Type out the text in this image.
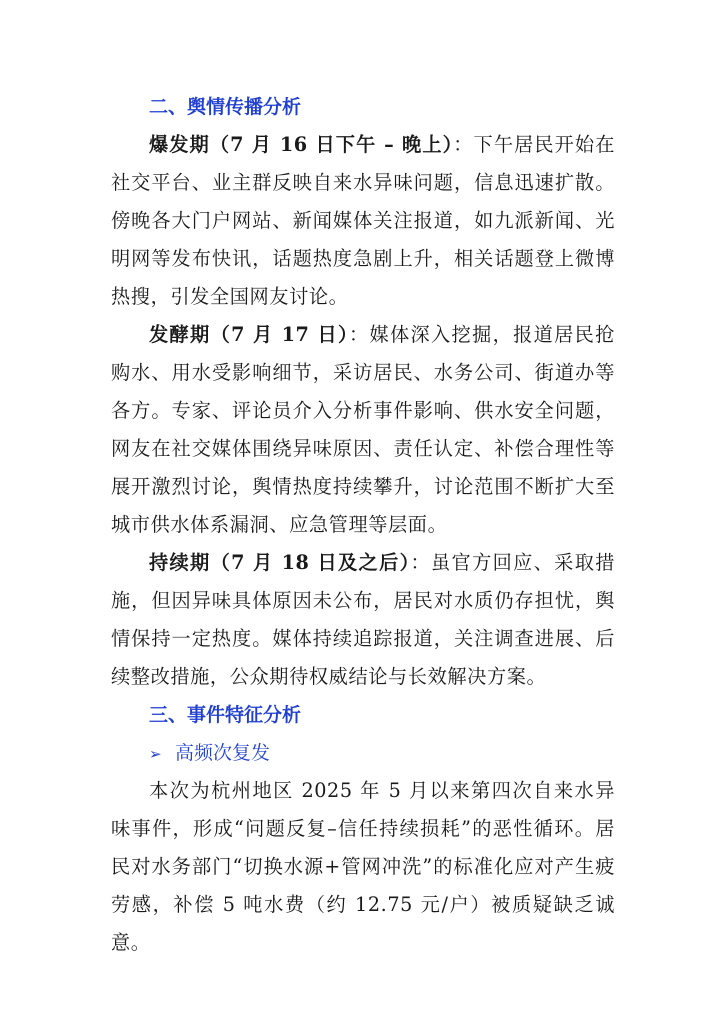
二、舆情传播分析

爆发期（7 月 16 日下午 – 晚上）：下午居民开始在社交平台、业主群反映自来水异味问题，信息迅速扩散。傍晚各大门户网站、新闻媒体关注报道，如九派新闻、光明网等发布快讯，话题热度急剧上升，相关话题登上微博热搜，引发全国网友讨论。

发酵期（7 月 17 日）：媒体深入挖掘，报道居民抢购水、用水受影响细节，采访居民、水务公司、街道办等各方。专家、评论员介入分析事件影响、供水安全问题，网友在社交媒体围绕异味原因、责任认定、补偿合理性等展开激烈讨论，舆情热度持续攀升，讨论范围不断扩大至城市供水体系漏洞、应急管理等层面。

持续期（7 月 18 日及之后）：虽官方回应、采取措施，但因异味具体原因未公布，居民对水质仍存担忧，舆情保持一定热度。媒体持续追踪报道，关注调查进展、后续整改措施，公众期待权威结论与长效解决方案。

三、事件特征分析
➢ 高频次复发

本次为杭州地区 2025 年 5 月以来第四次自来水异味事件，形成“问题反复–信任持续损耗”的恶性循环。居民对水务部门“切换水源+管网冲洗”的标准化应对产生疲劳感，补偿 5 吨水费（约 12.75 元/户）被质疑缺乏诚意。
